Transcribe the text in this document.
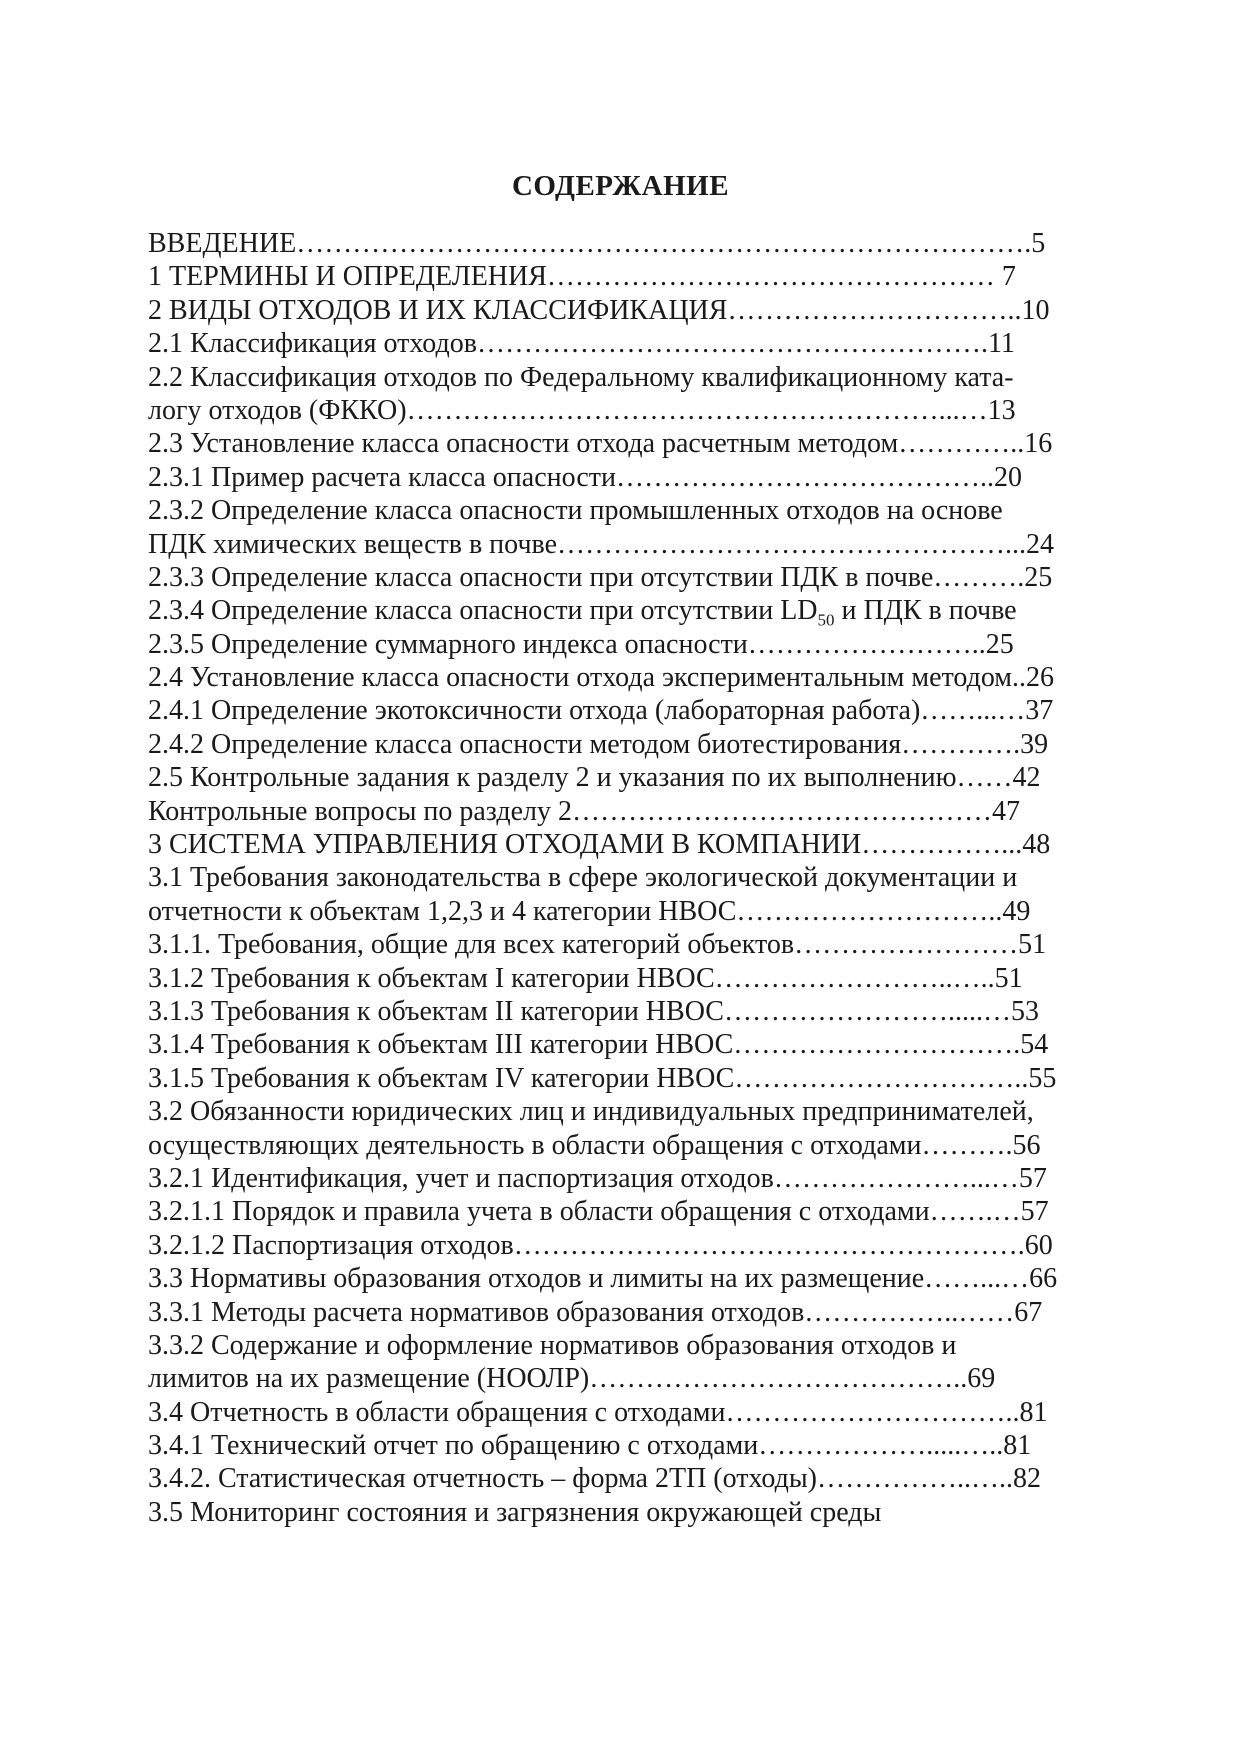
СОДЕРЖАНИЕ
ВВЕДЕНИЕ…………………………………………………………………….5
1 ТЕРМИНЫ И ОПРЕДЕЛЕНИЯ………………………………………… 7
2 ВИДЫ ОТХОДОВ И ИХ КЛАССИФИКАЦИЯ…………………………..10
2.1 Классификация отходов……………………………………………….11
2.2 Классификация отходов по Федеральному квалификационному ката-
логу отходов (ФККО)…………………………………………………...…13
2.3 Установление класса опасности отхода расчетным методом…………..16
2.3.1 Пример расчета класса опасности…………………………………..20
2.3.2 Определение класса опасности промышленных отходов на основе
ПДК химических веществ в почве…………………………………………...24
2.3.3 Определение класса опасности при отсутствии ПДК в почве……….25
2.3.4 Определение класса опасности при отсутствии $LD_{50}$ и ПДК в почве
2.3.5 Определение суммарного индекса опасности……………………..25
2.4 Установление класса опасности отхода экспериментальным методом..26
2.4.1 Определение экотоксичности отхода (лабораторная работа)……...…37
2.4.2 Определение класса опасности методом биотестирования………….39
2.5 Контрольные задания к разделу 2 и указания по их выполнению……42
Контрольные вопросы по разделу 2………………………………………47
3 СИСТЕМА УПРАВЛЕНИЯ ОТХОДАМИ В КОМПАНИИ……………...48
3.1 Требования законодательства в сфере экологической документации и
отчетности к объектам 1,2,3 и 4 категории НВОС………………………..49
3.1.1. Требования, общие для всех категорий объектов……………………51
3.1.2 Требования к объектам I категории НВОС……………………..…..51
3.1.3 Требования к объектам II категории НВОС…………………….....…53
3.1.4 Требования к объектам III категории НВОС………………………….54
3.1.5 Требования к объектам IV категории НВОС…………………………..55
3.2 Обязанности юридических лиц и индивидуальных предпринимателей,
осуществляющих деятельность в области обращения с отходами……….56
3.2.1 Идентификация, учет и паспортизация отходов…………………...…57
3.2.1.1 Порядок и правила учета в области обращения с отходами…….…57
3.2.1.2 Паспортизация отходов……………………………………………….60
3.3 Нормативы образования отходов и лимиты на их размещение……...…66
3.3.1 Методы расчета нормативов образования отходов……………..……67
3.3.2 Содержание и оформление нормативов образования отходов и
лимитов на их размещение (НООЛР)…………………………………..69
3.4 Отчетность в области обращения с отходами…………………………..81
3.4.1 Технический отчет по обращению с отходами……………….....…..81
3.4.2. Статистическая отчетность – форма 2ТП (отходы)……………..…..82
3.5 Мониторинг состояния и загрязнения окружающей среды
